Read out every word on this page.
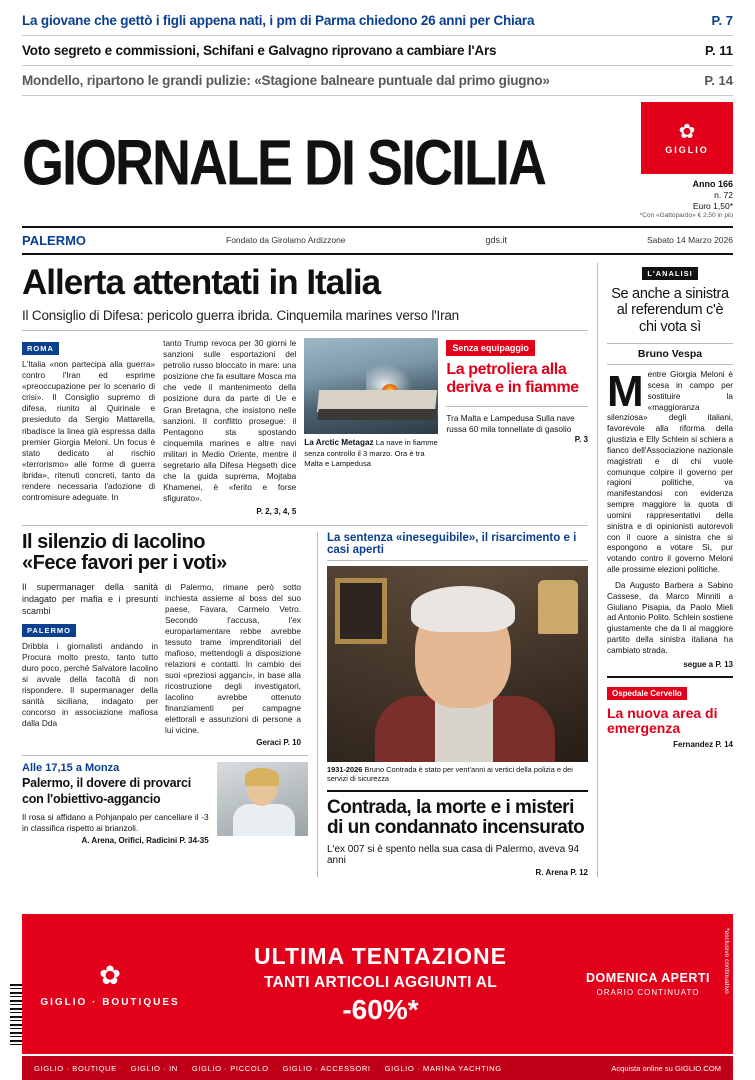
La giovane che gettò i figli appena nati, i pm di Parma chiedono 26 anni per Chiara	P. 7
Voto segreto e commissioni, Schifani e Galvagno riprovano a cambiare l'Ars	P. 11
Mondello, ripartono le grandi pulizie: «Stagione balneare puntuale dal primo giugno»	P. 14
GIORNALE DI SICILIA	✿
GIGLIO
Anno 166
n. 72
Euro 1,50*
*Con «Gattopardo» € 2,50 in più
PALERMO	Fondato da Girolamo Ardizzone	gds.it	Sabato 14 Marzo 2026
Allerta attentati in Italia
Il Consiglio di Difesa: pericolo guerra ibrida. Cinquemila marines verso l'Iran
ROMA
L'Italia «non partecipa alla guerra» contro l'Iran ed esprime «preoccupazione per lo scenario di crisi». Il Consiglio supremo di difesa, riunito al Quirinale e presieduto da Sergio Mattarella, ribadisce la linea già espressa dalla premier Giorgia Meloni. Un focus è stato dedicato al rischio «terrorismo» alle forme di guerra ibrida», ritenuti concreti, tanto da rendere necessaria l'adozione di contromisure adeguate. In
tanto Trump revoca per 30 giorni le sanzioni sulle esportazioni del petrolio russo bloccato in mare: una posizione che fa esultare Mosca ma che vede il mantenimento della posizione dura da parte di Ue e Gran Bretagna, che insistono nelle sanzioni. Il conflitto prosegue: il Pentagono sta spostando cinquemila marines e altre navi militari in Medio Oriente, mentre il segretario alla Difesa Hegseth dice che la guida suprema, Mojtaba Khamenei, è «ferito e forse sfigurato».
P. 2, 3, 4, 5
La Arctic Metagaz La nave in fiamme senza controllo il 3 marzo. Ora è tra Malta e Lampedusa
Senza equipaggio
La petroliera alla deriva e in fiamme
Tra Malta e Lampedusa Sulla nave russa 60 mila tonnellate di gasolio
P. 3
Il silenzio di Iacolino
«Fece favori per i voti»
Il supermanager della sanità indagato per mafia e i presunti scambi
PALERMO
Dribbla i giornalisti andando in Procura molto presto, tanto tutto duro poco, perché Salvatore Iacolino si avvale della facoltà di non rispondere. Il supermanager della sanità siciliana, indagato per concorso in associazione mafiosa dalla Dda
di Palermo, rimane però sotto inchiesta assieme al boss del suo paese, Favara, Carmelo Vetro. Secondo l'accusa, l'ex europarlamentare rebbe avrebbe tessuto trame imprenditoriali del mafioso, mettendogli a disposizione relazioni e contatti. In cambio dei suoi «preziosi agganci», in base alla ricostruzione degli investigatori, Iacolino avrebbe ottenuto finanziamenti per campagne elettorali e assunzioni di persone a lui vicine.
Geraci P. 10
Alle 17,15 a Monza
Palermo, il dovere di provarci
con l'obiettivo-aggancio
Il rosa si affidano a Pohjanpalo per cancellare il -3 in classifica rispetto ai brianzoli.
A. Arena, Orifici, Radicini P. 34-35
La sentenza «ineseguibile», il risarcimento e i casi aperti
1931-2026 Bruno Contrada è stato per vent'anni ai vertici della polizia e dei servizi di sicurezza
Contrada, la morte e i misteri
di un condannato incensurato
L'ex 007 si è spento nella sua casa di Palermo, aveva 94 anni
R. Arena P. 12
L'ANALISI
Se anche a sinistra al referendum c'è chi vota sì
Bruno Vespa
Mentre Giorgia Meloni è scesa in campo per sostituire la «maggioranza silenziosa» degli italiani, favorevole alla riforma della giustizia e Elly Schlein si schiera a fianco dell'Associazione nazionale magistrati e di chi vuole comunque colpire il governo per ragioni politiche, va manifestandosi con evidenza sempre maggiore la quota di uomini rappresentativi della sinistra e di opinionisti autorevoli con il cuore a sinistra che si espongono a votare Sì, pur votando contro il governo Meloni alle prossime elezioni politiche.
Da Augusto Barbera a Sabino Cassese, da Marco Minniti a Giuliano Pisapia, da Paolo Mieli ad Antonio Polito. Schlein sostiene giustamente che da lì al maggiore partito della sinistra italiana ha cambiato strada.
segue a P. 13
Ospedale Cervello
La nuova area di emergenza
Fernandez P. 14
✿
GIGLIO · BOUTIQUES
ULTIMA TENTAZIONE
TANTI ARTICOLI AGGIUNTI AL
-60%*
DOMENICA APERTI
ORARIO CONTINUATO	*esclusivo continuativo
GIGLIO · BOUTIQUE GIGLIO · IN GIGLIO · PICCOLO GIGLIO · ACCESSORI GIGLIO · MARINA YACHTING	Acquista online su GIGLIO.COM
